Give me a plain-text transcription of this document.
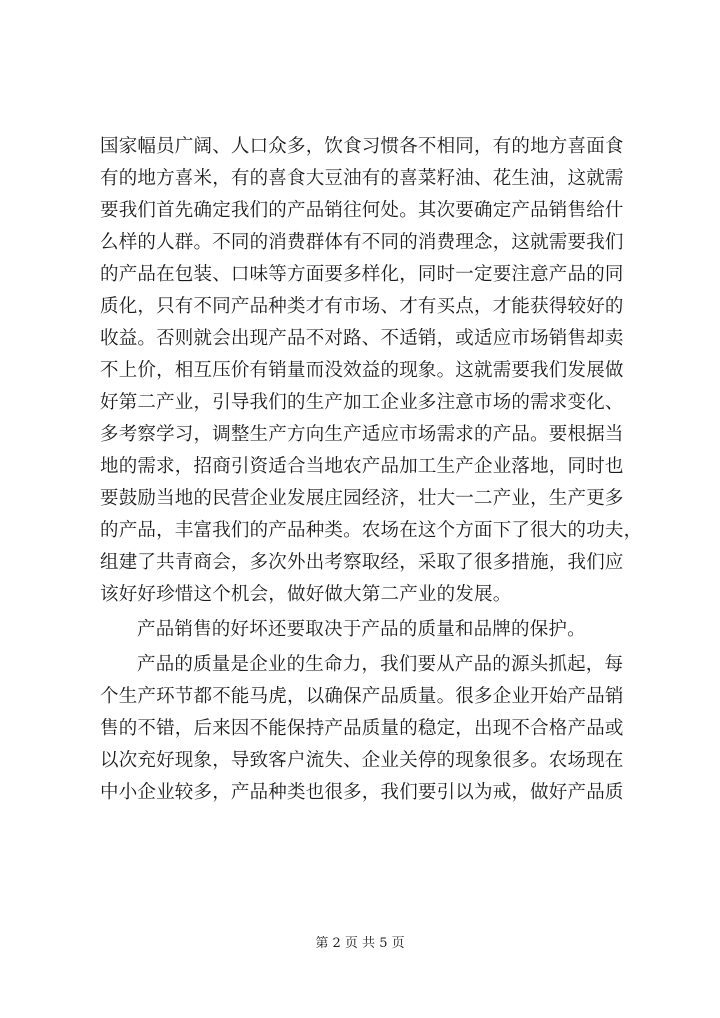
国家幅员广阔、人口众多，饮食习惯各不相同，有的地方喜面食
有的地方喜米，有的喜食大豆油有的喜菜籽油、花生油，这就需
要我们首先确定我们的产品销往何处。其次要确定产品销售给什
么样的人群。不同的消费群体有不同的消费理念，这就需要我们
的产品在包装、口味等方面要多样化，同时一定要注意产品的同
质化，只有不同产品种类才有市场、才有买点，才能获得较好的
收益。否则就会出现产品不对路、不适销，或适应市场销售却卖
不上价，相互压价有销量而没效益的现象。这就需要我们发展做
好第二产业，引导我们的生产加工企业多注意市场的需求变化、
多考察学习，调整生产方向生产适应市场需求的产品。要根据当
地的需求，招商引资适合当地农产品加工生产企业落地，同时也
要鼓励当地的民营企业发展庄园经济，壮大一二产业，生产更多
的产品，丰富我们的产品种类。农场在这个方面下了很大的功夫，
组建了共青商会，多次外出考察取经，采取了很多措施，我们应
该好好珍惜这个机会，做好做大第二产业的发展。
产品销售的好坏还要取决于产品的质量和品牌的保护。
产品的质量是企业的生命力，我们要从产品的源头抓起，每
个生产环节都不能马虎，以确保产品质量。很多企业开始产品销
售的不错，后来因不能保持产品质量的稳定，出现不合格产品或
以次充好现象，导致客户流失、企业关停的现象很多。农场现在
中小企业较多，产品种类也很多，我们要引以为戒，做好产品质
第 2 页 共 5 页
